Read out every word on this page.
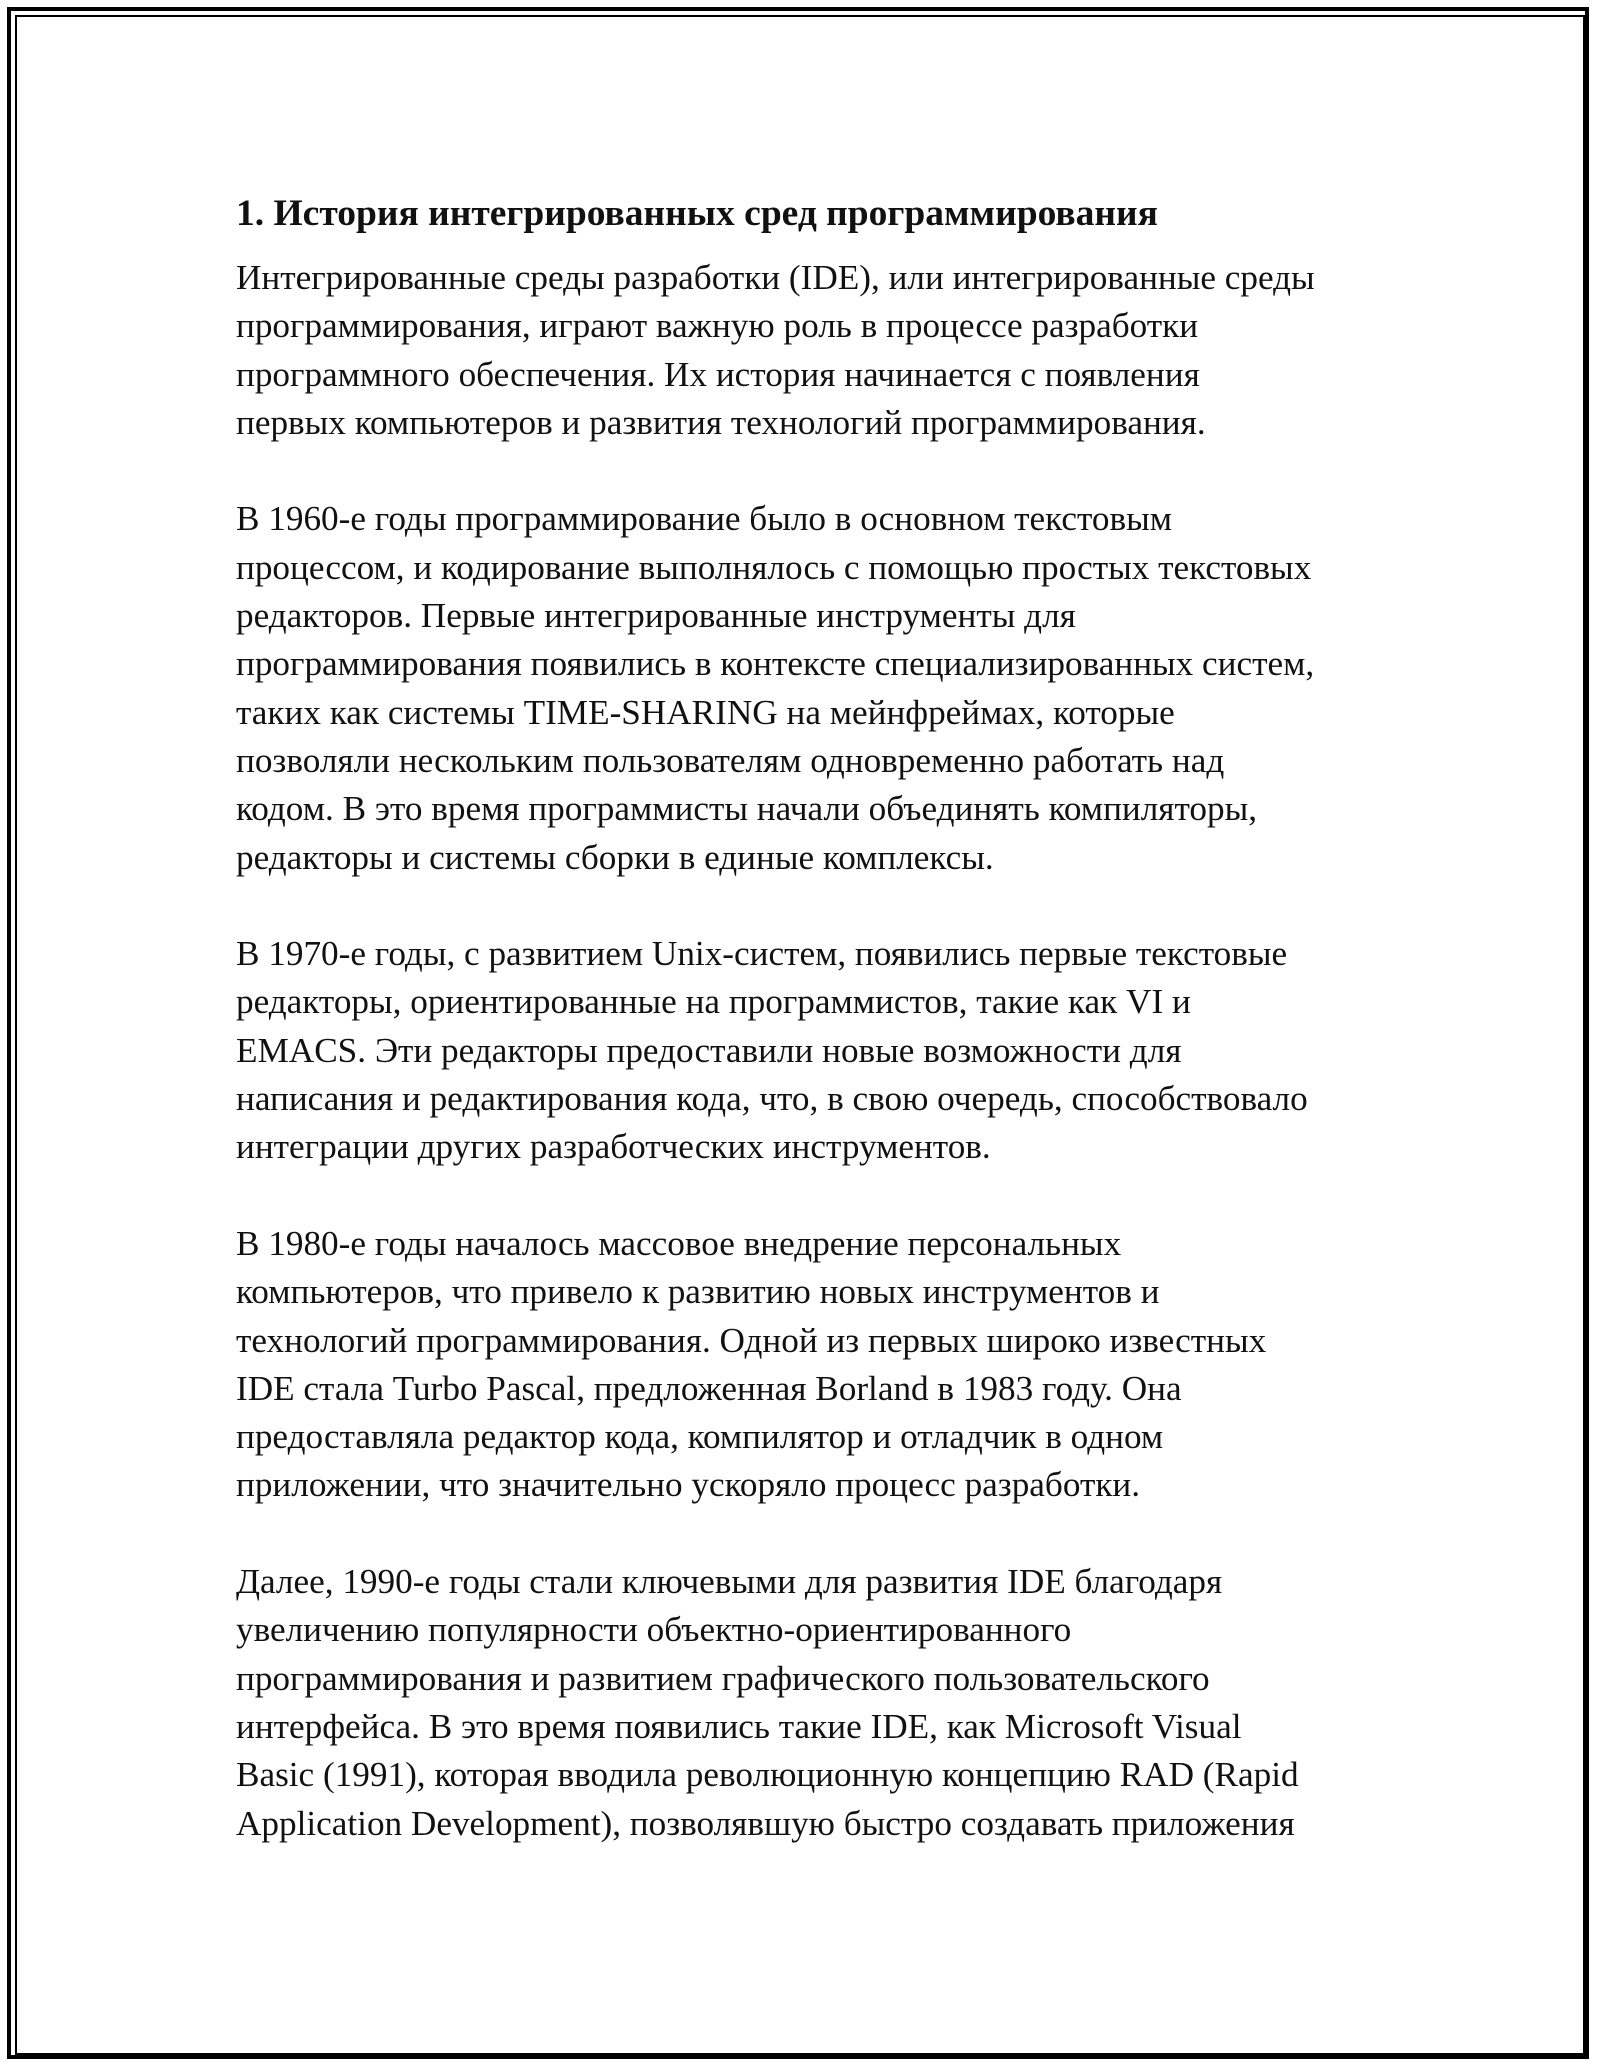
1. История интегрированных сред программирования

Интегрированные среды разработки (IDE), или интегрированные среды
программирования, играют важную роль в процессе разработки
программного обеспечения. Их история начинается с появления
первых компьютеров и развития технологий программирования.

В 1960-е годы программирование было в основном текстовым
процессом, и кодирование выполнялось с помощью простых текстовых
редакторов. Первые интегрированные инструменты для
программирования появились в контексте специализированных систем,
таких как системы TIME-SHARING на мейнфреймах, которые
позволяли нескольким пользователям одновременно работать над
кодом. В это время программисты начали объединять компиляторы,
редакторы и системы сборки в единые комплексы.

В 1970-е годы, с развитием Unix-систем, появились первые текстовые
редакторы, ориентированные на программистов, такие как VI и
EMACS. Эти редакторы предоставили новые возможности для
написания и редактирования кода, что, в свою очередь, способствовало
интеграции других разработческих инструментов.

В 1980-е годы началось массовое внедрение персональных
компьютеров, что привело к развитию новых инструментов и
технологий программирования. Одной из первых широко известных
IDE стала Turbo Pascal, предложенная Borland в 1983 году. Она
предоставляла редактор кода, компилятор и отладчик в одном
приложении, что значительно ускоряло процесс разработки.

Далее, 1990-е годы стали ключевыми для развития IDE благодаря
увеличению популярности объектно-ориентированного
программирования и развитием графического пользовательского
интерфейса. В это время появились такие IDE, как Microsoft Visual
Basic (1991), которая вводила революционную концепцию RAD (Rapid
Application Development), позволявшую быстро создавать приложения
